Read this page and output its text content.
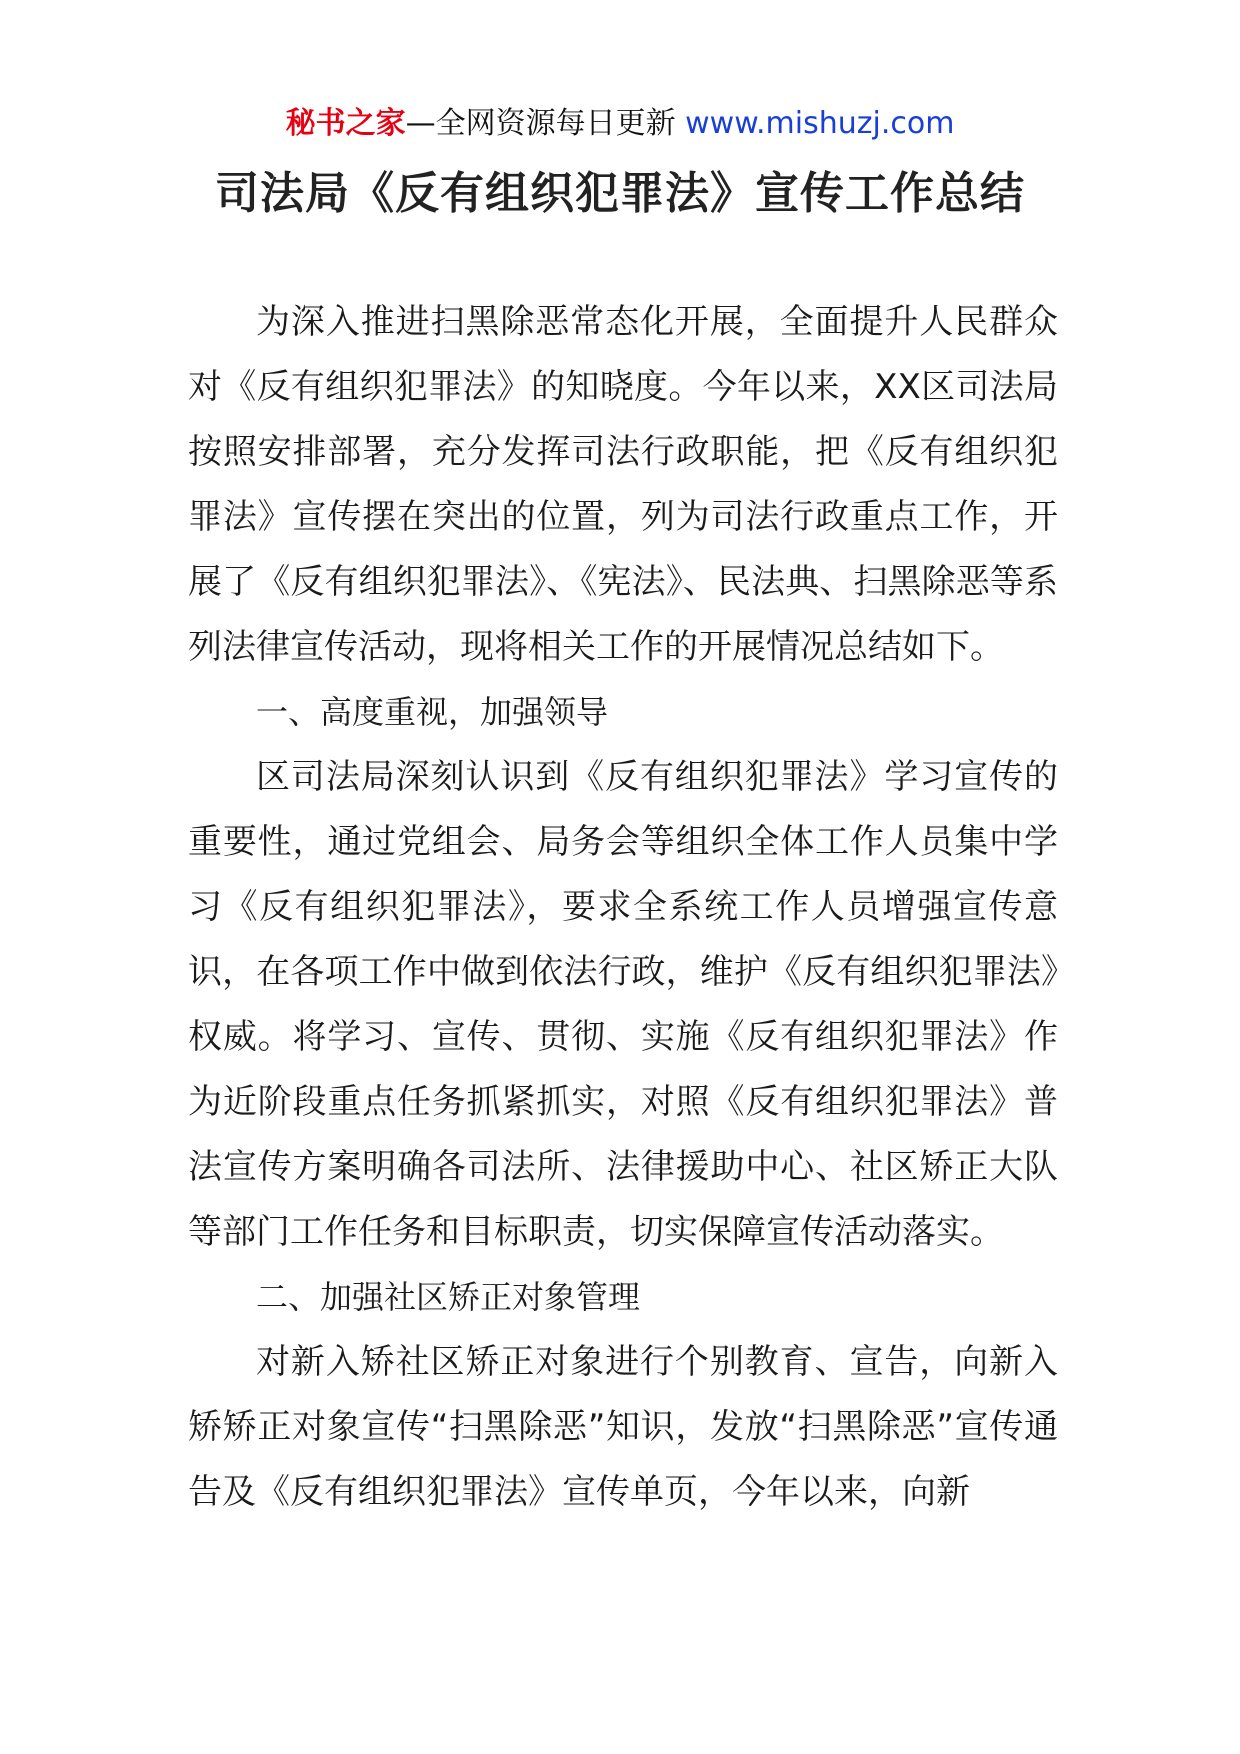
秘书之家—全网资源每日更新 www.mishuzj.com
司法局《反有组织犯罪法》宣传工作总结

为深入推进扫黑除恶常态化开展，全面提升人民群众对《反有组织犯罪法》的知晓度。今年以来，XX区司法局按照安排部署，充分发挥司法行政职能，把《反有组织犯罪法》宣传摆在突出的位置，列为司法行政重点工作，开展了《反有组织犯罪法》、《宪法》、民法典、扫黑除恶等系列法律宣传活动，现将相关工作的开展情况总结如下。

一、高度重视，加强领导

区司法局深刻认识到《反有组织犯罪法》学习宣传的重要性，通过党组会、局务会等组织全体工作人员集中学习《反有组织犯罪法》，要求全系统工作人员增强宣传意识，在各项工作中做到依法行政，维护《反有组织犯罪法》权威。将学习、宣传、贯彻、实施《反有组织犯罪法》作为近阶段重点任务抓紧抓实，对照《反有组织犯罪法》普法宣传方案明确各司法所、法律援助中心、社区矫正大队等部门工作任务和目标职责，切实保障宣传活动落实。

二、加强社区矫正对象管理

对新入矫社区矫正对象进行个别教育、宣告，向新入矫矫正对象宣传“扫黑除恶”知识，发放“扫黑除恶”宣传通告及《反有组织犯罪法》宣传单页，今年以来，向新
